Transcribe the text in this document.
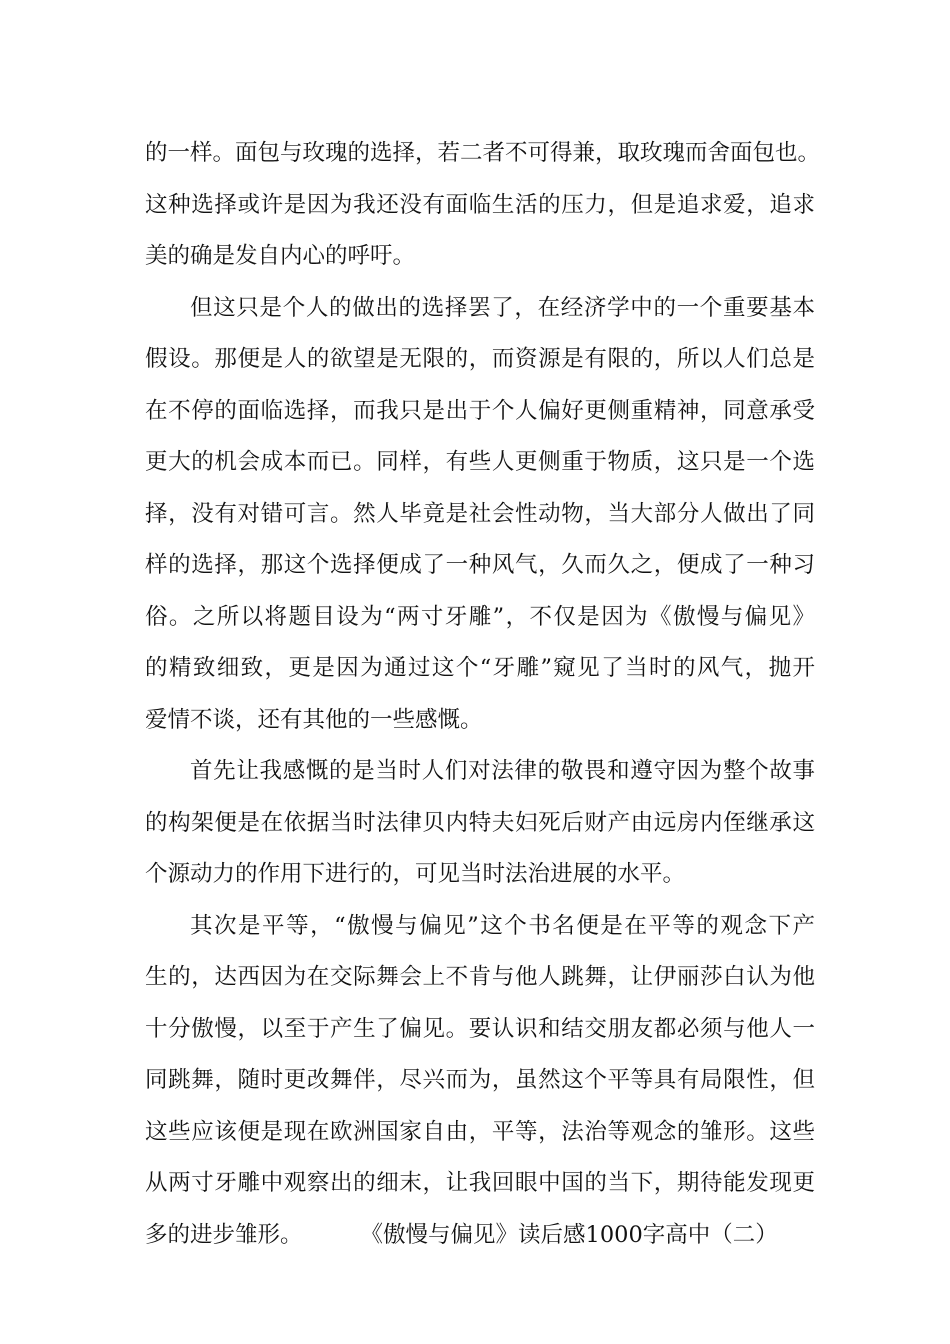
的一样。面包与玫瑰的选择，若二者不可得兼，取玫瑰而舍面包也。
这种选择或许是因为我还没有面临生活的压力，但是追求爱，追求
美的确是发自内心的呼吁。
但这只是个人的做出的选择罢了，在经济学中的一个重要基本
假设。那便是人的欲望是无限的，而资源是有限的，所以人们总是
在不停的面临选择，而我只是出于个人偏好更侧重精神，同意承受
更大的机会成本而已。同样，有些人更侧重于物质，这只是一个选
择，没有对错可言。然人毕竟是社会性动物，当大部分人做出了同
样的选择，那这个选择便成了一种风气，久而久之，便成了一种习
俗。之所以将题目设为“两寸牙雕”，不仅是因为《傲慢与偏见》
的精致细致，更是因为通过这个“牙雕”窥见了当时的风气，抛开
爱情不谈，还有其他的一些感慨。
首先让我感慨的是当时人们对法律的敬畏和遵守因为整个故事
的构架便是在依据当时法律贝内特夫妇死后财产由远房内侄继承这
个源动力的作用下进行的，可见当时法治进展的水平。
其次是平等，“傲慢与偏见”这个书名便是在平等的观念下产
生的，达西因为在交际舞会上不肯与他人跳舞，让伊丽莎白认为他
十分傲慢，以至于产生了偏见。要认识和结交朋友都必须与他人一
同跳舞，随时更改舞伴，尽兴而为，虽然这个平等具有局限性，但
这些应该便是现在欧洲国家自由，平等，法治等观念的雏形。这些
从两寸牙雕中观察出的细末，让我回眼中国的当下，期待能发现更
多的进步雏形。	《傲慢与偏见》读后感1000字高中（二）
